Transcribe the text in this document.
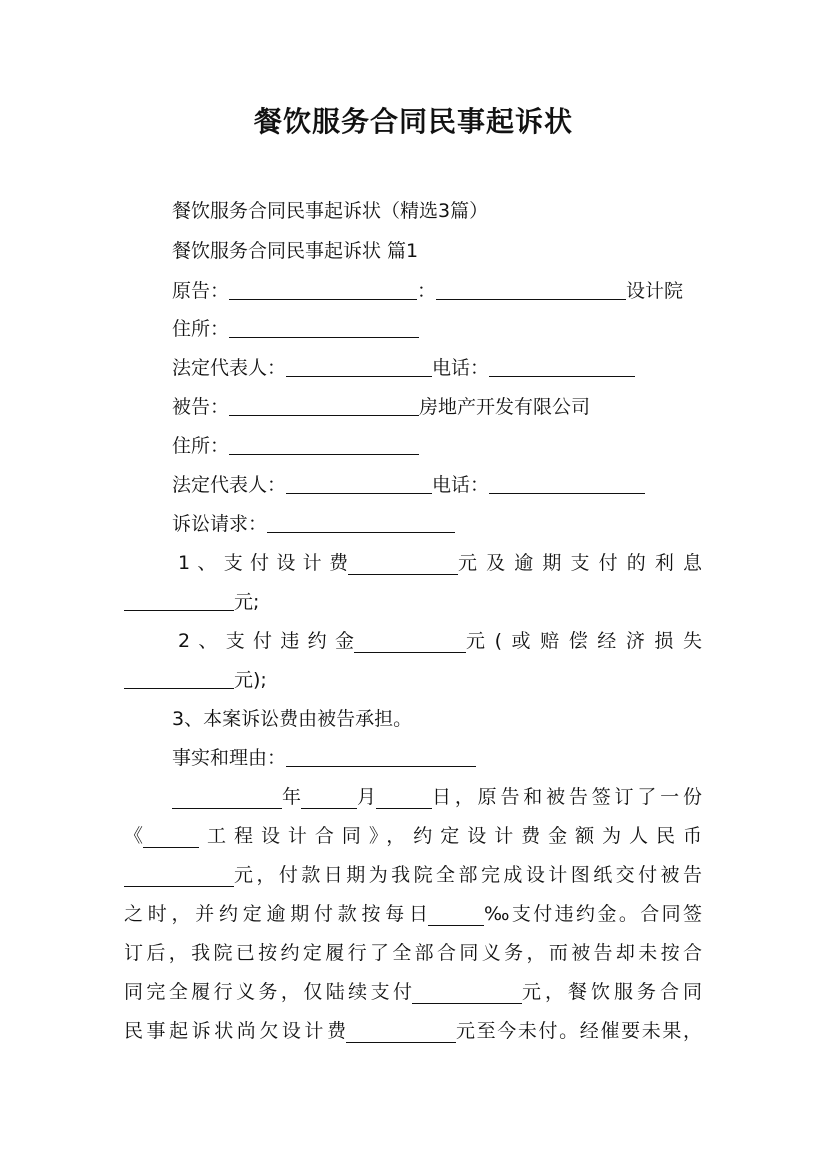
餐饮服务合同民事起诉状
餐饮服务合同民事起诉状（精选3篇）
餐饮服务合同民事起诉状 篇1
原告：	：	设计院
住所：
法定代表人：	电话：
被告：	房地产开发有限公司
住所：
法定代表人：	电话：
诉讼请求：
1、支付设计费	元及逾期支付的利息
元;
2、支付违约金	元(或赔偿经济损失
元);
3、本案诉讼费由被告承担。
事实和理由：
年	月	日，原告和被告签订了一份
《	工程设计合同》，约定设计费金额为人民币
元，付款日期为我院全部完成设计图纸交付被告
之时，并约定逾期付款按每日	‰支付违约金。合同签
订后，我院已按约定履行了全部合同义务，而被告却未按合
同完全履行义务，仅陆续支付	元，餐饮服务合同
民事起诉状尚欠设计费	元至今未付。经催要未果，
